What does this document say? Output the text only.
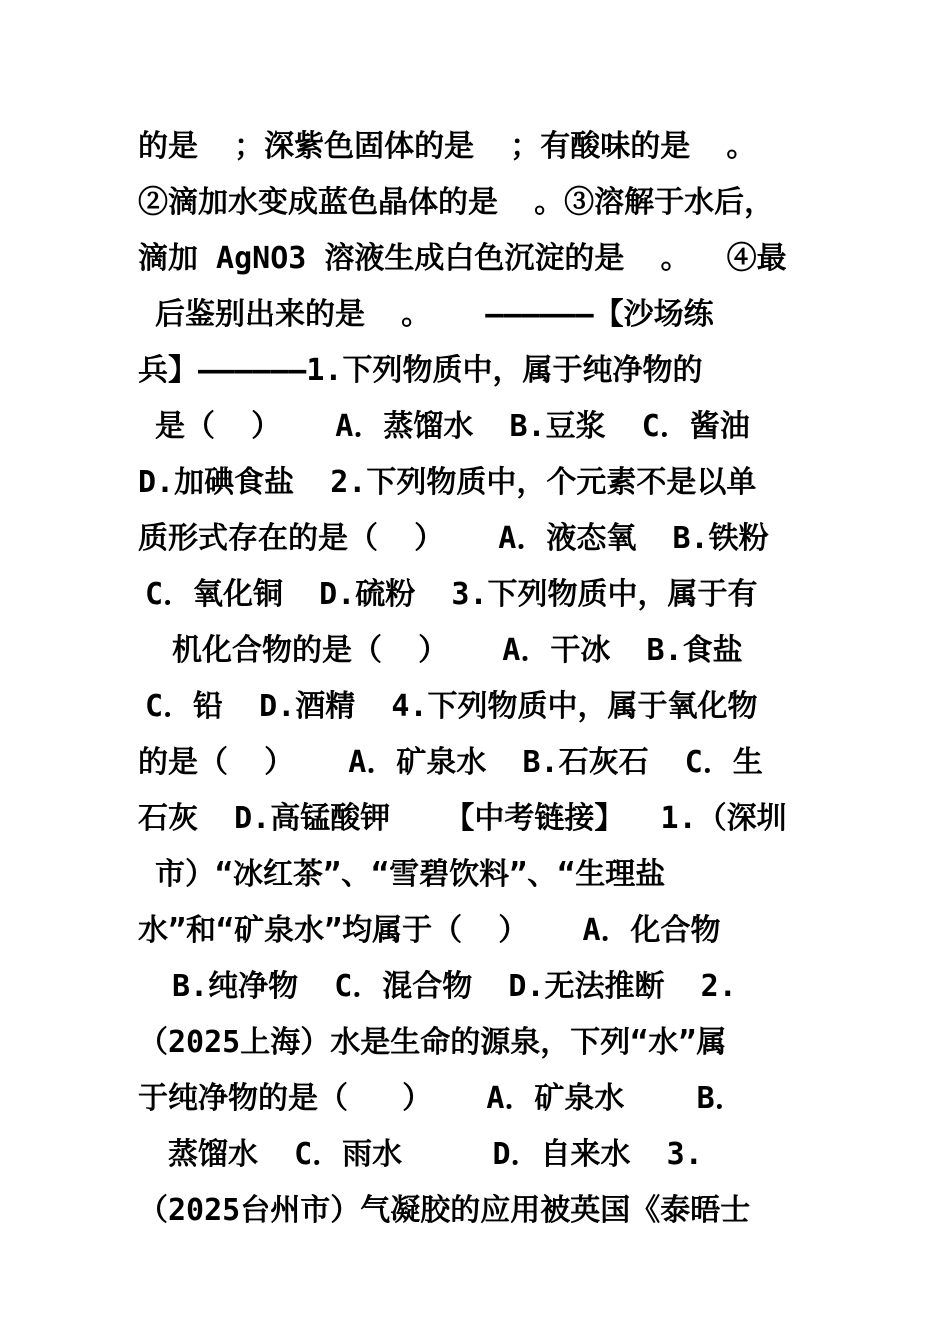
的是  ；深紫色固体的是  ；有酸味的是  。
②滴加水变成蓝色晶体的是  。③溶解于水后，
滴加 AgNO3 溶液生成白色沉淀的是  。  ④最
后鉴别出来的是  。   ——————【沙场练
兵】——————1.下列物质中，属于纯净物的
是（  ）   A．蒸馏水  B.豆浆  C．酱油
D.加碘食盐  2.下列物质中，个元素不是以单
质形式存在的是（  ）   A．液态氧  B.铁粉
C．氧化铜  D.硫粉  3.下列物质中，属于有
机化合物的是（  ）   A．干冰  B.食盐
C．铅  D.酒精  4.下列物质中，属于氧化物
的是（  ）   A．矿泉水  B.石灰石  C．生
石灰  D.高锰酸钾   【中考链接】  1.（深圳
市）“冰红茶”、“雪碧饮料”、“生理盐
水”和“矿泉水”均属于（  ）   A．化合物
B.纯净物  C．混合物  D.无法推断  2.
（2025上海）水是生命的源泉，下列“水”属
于纯净物的是（   ）   A．矿泉水    B．
蒸馏水  C．雨水     D．自来水  3.
（2025台州市）气凝胶的应用被英国《泰晤士
